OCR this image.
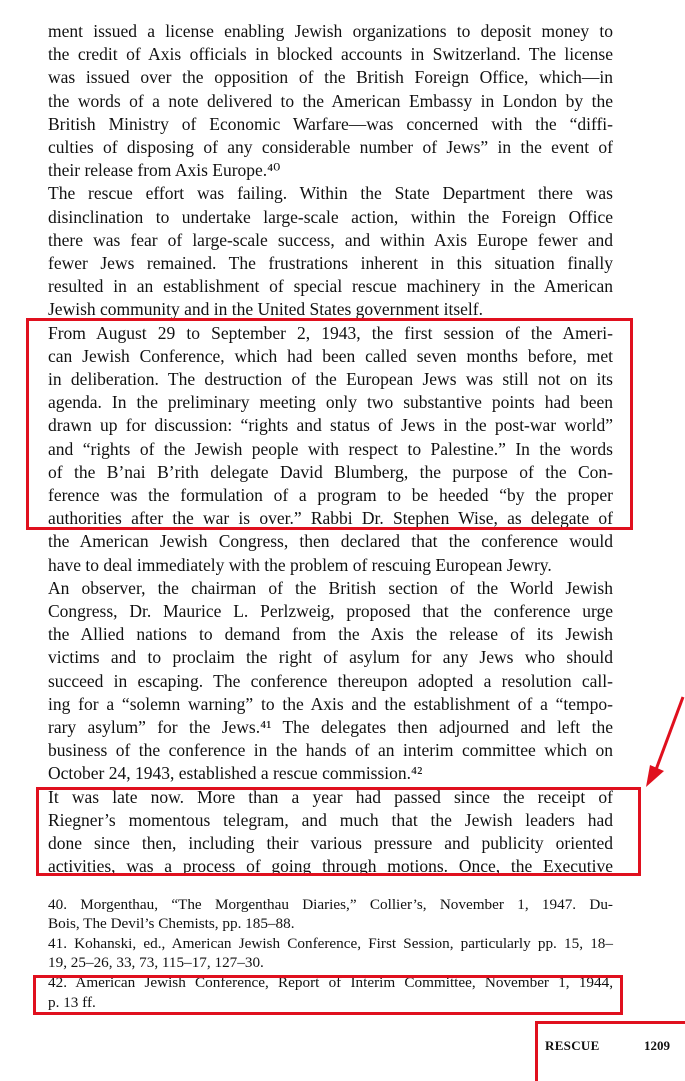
ment issued a license enabling Jewish organizations to deposit money to
the credit of Axis officials in blocked accounts in Switzerland. The license
was issued over the opposition of the British Foreign Office, which—in
the words of a note delivered to the American Embassy in London by the
British Ministry of Economic Warfare—was concerned with the “diffi-
culties of disposing of any considerable number of Jews” in the event of
their release from Axis Europe.⁴⁰
The rescue effort was failing. Within the State Department there was
disinclination to undertake large-scale action, within the Foreign Office
there was fear of large-scale success, and within Axis Europe fewer and
fewer Jews remained. The frustrations inherent in this situation finally
resulted in an establishment of special rescue machinery in the American
Jewish community and in the United States government itself.
From August 29 to September 2, 1943, the first session of the Ameri-
can Jewish Conference, which had been called seven months before, met
in deliberation. The destruction of the European Jews was still not on its
agenda. In the preliminary meeting only two substantive points had been
drawn up for discussion: “rights and status of Jews in the post-war world”
and “rights of the Jewish people with respect to Palestine.” In the words
of the B’nai B’rith delegate David Blumberg, the purpose of the Con-
ference was the formulation of a program to be heeded “by the proper
authorities after the war is over.” Rabbi Dr. Stephen Wise, as delegate of
the American Jewish Congress, then declared that the conference would
have to deal immediately with the problem of rescuing European Jewry.
An observer, the chairman of the British section of the World Jewish
Congress, Dr. Maurice L. Perlzweig, proposed that the conference urge
the Allied nations to demand from the Axis the release of its Jewish
victims and to proclaim the right of asylum for any Jews who should
succeed in escaping. The conference thereupon adopted a resolution call-
ing for a “solemn warning” to the Axis and the establishment of a “tempo-
rary asylum” for the Jews.⁴¹ The delegates then adjourned and left the
business of the conference in the hands of an interim committee which on
October 24, 1943, established a rescue commission.⁴²
It was late now. More than a year had passed since the receipt of
Riegner’s momentous telegram, and much that the Jewish leaders had
done since then, including their various pressure and publicity oriented
activities, was a process of going through motions. Once, the Executive
40. Morgenthau, “The Morgenthau Diaries,” Collier’s, November 1, 1947. Du-
Bois, The Devil’s Chemists, pp. 185–88.
41. Kohanski, ed., American Jewish Conference, First Session, particularly pp. 15, 18–
19, 25–26, 33, 73, 115–17, 127–30.
42. American Jewish Conference, Report of Interim Committee, November 1, 1944,
p. 13 ff.
RESCUE	1209
